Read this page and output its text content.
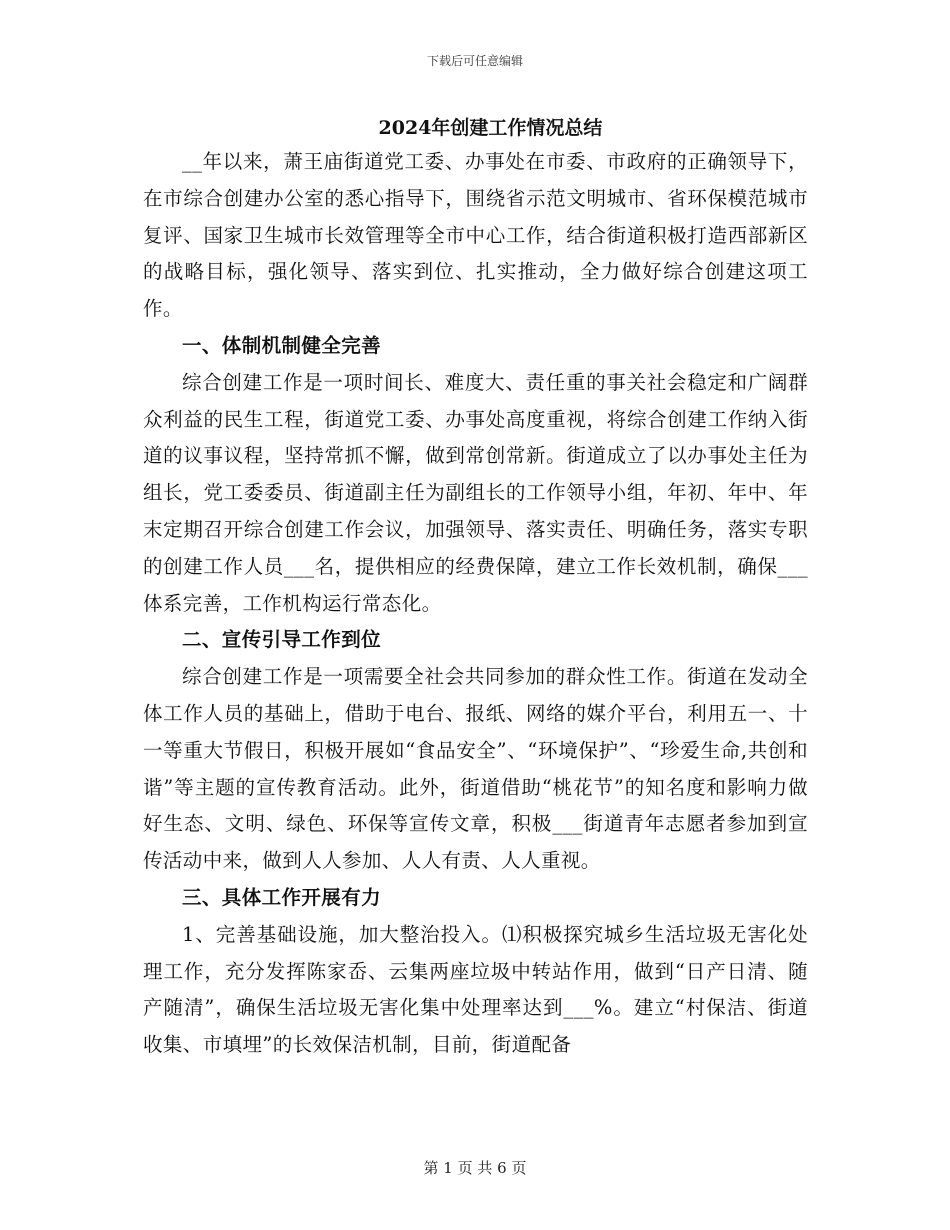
下载后可任意编辑
2024年创建工作情况总结

__年以来，萧王庙街道党工委、办事处在市委、市政府的正确领导下，在市综合创建办公室的悉心指导下，围绕省示范文明城市、省环保模范城市复评、国家卫生城市长效管理等全市中心工作，结合街道积极打造西部新区的战略目标，强化领导、落实到位、扎实推动，全力做好综合创建这项工作。

一、体制机制健全完善

综合创建工作是一项时间长、难度大、责任重的事关社会稳定和广阔群众利益的民生工程，街道党工委、办事处高度重视，将综合创建工作纳入街道的议事议程，坚持常抓不懈，做到常创常新。街道成立了以办事处主任为组长，党工委委员、街道副主任为副组长的工作领导小组，年初、年中、年末定期召开综合创建工作会议，加强领导、落实责任、明确任务，落实专职的创建工作人员___名，提供相应的经费保障，建立工作长效机制，确保___体系完善，工作机构运行常态化。

二、宣传引导工作到位

综合创建工作是一项需要全社会共同参加的群众性工作。街道在发动全体工作人员的基础上，借助于电台、报纸、网络的媒介平台，利用五一、十一等重大节假日，积极开展如“食品安全”、“环境保护”、“珍爱生命,共创和谐”等主题的宣传教育活动。此外，街道借助“桃花节”的知名度和影响力做好生态、文明、绿色、环保等宣传文章，积极___街道青年志愿者参加到宣传活动中来，做到人人参加、人人有责、人人重视。

三、具体工作开展有力

1、完善基础设施，加大整治投入。⑴积极探究城乡生活垃圾无害化处理工作，充分发挥陈家岙、云集两座垃圾中转站作用，做到“日产日清、随产随清”，确保生活垃圾无害化集中处理率达到___%。建立“村保洁、街道收集、市填埋”的长效保洁机制，目前，街道配备

第 1 页 共 6 页
